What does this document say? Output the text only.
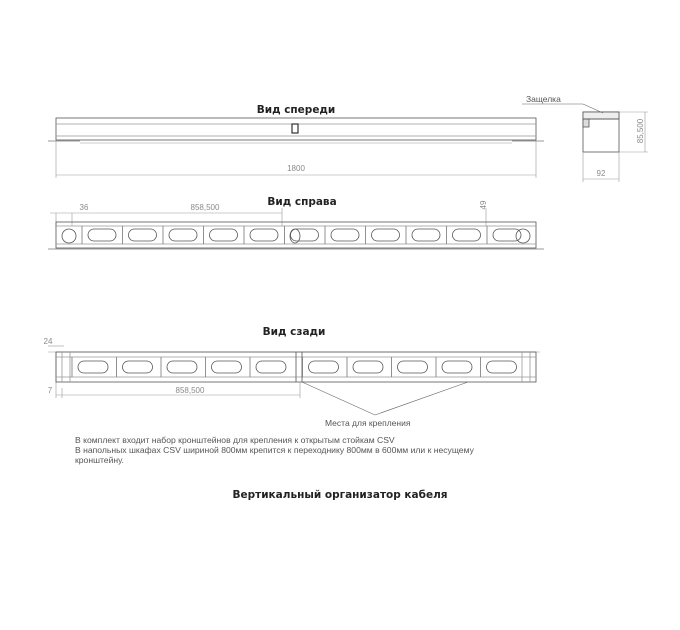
Вид спереди
1800
Защелка
85,500
92
Вид справа
36	858,500	49
Вид сзади
24
7	858,500
Места для крепления
В комплект входит набор кронштейнов для крепления к открытым стойкам CSV
В напольных шкафах CSV шириной 800мм крепится к переходнику 800мм в 600мм или к несущему
кронштейну.
Вертикальный организатор кабеля
